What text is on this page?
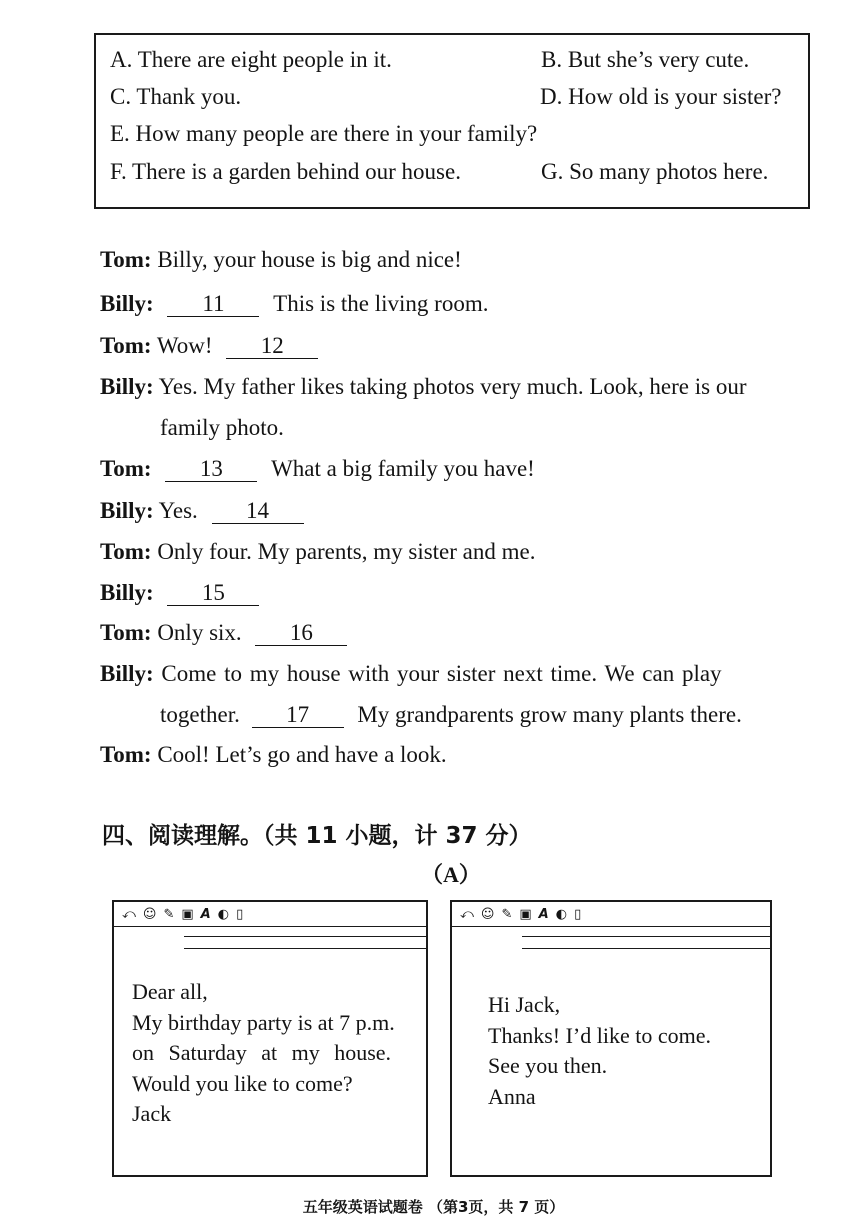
A. There are eight people in it.	B. But she’s very cute.
C. Thank you.	D. How old is your sister?
E. How many people are there in your family?
F. There is a garden behind our house.	G. So many photos here.
Tom: Billy, your house is big and nice!
Billy: 11 This is the living room.
Tom: Wow! 12
Billy: Yes. My father likes taking photos very much. Look, here is our
family photo.
Tom: 13 What a big family you have!
Billy: Yes. 14
Tom: Only four. My parents, my sister and me.
Billy: 15
Tom: Only six. 16
Billy: Come to my house with your sister next time. We can play
together. 17 My grandparents grow many plants there.
Tom: Cool! Let’s go and have a look.
四、阅读理解。（共 11 小题，计 37 分）
（A）
⤺ ☺ ✎ ▣ A ◐ ▯
Dear all,
My birthday party is at 7 p.m.
on Saturday at my house.
Would you like to come?
Jack
⤺ ☺ ✎ ▣ A ◐ ▯
Hi Jack,
Thanks! I’d like to come.
See you then.
Anna
五年级英语试题卷 （第3页，共 7 页）
